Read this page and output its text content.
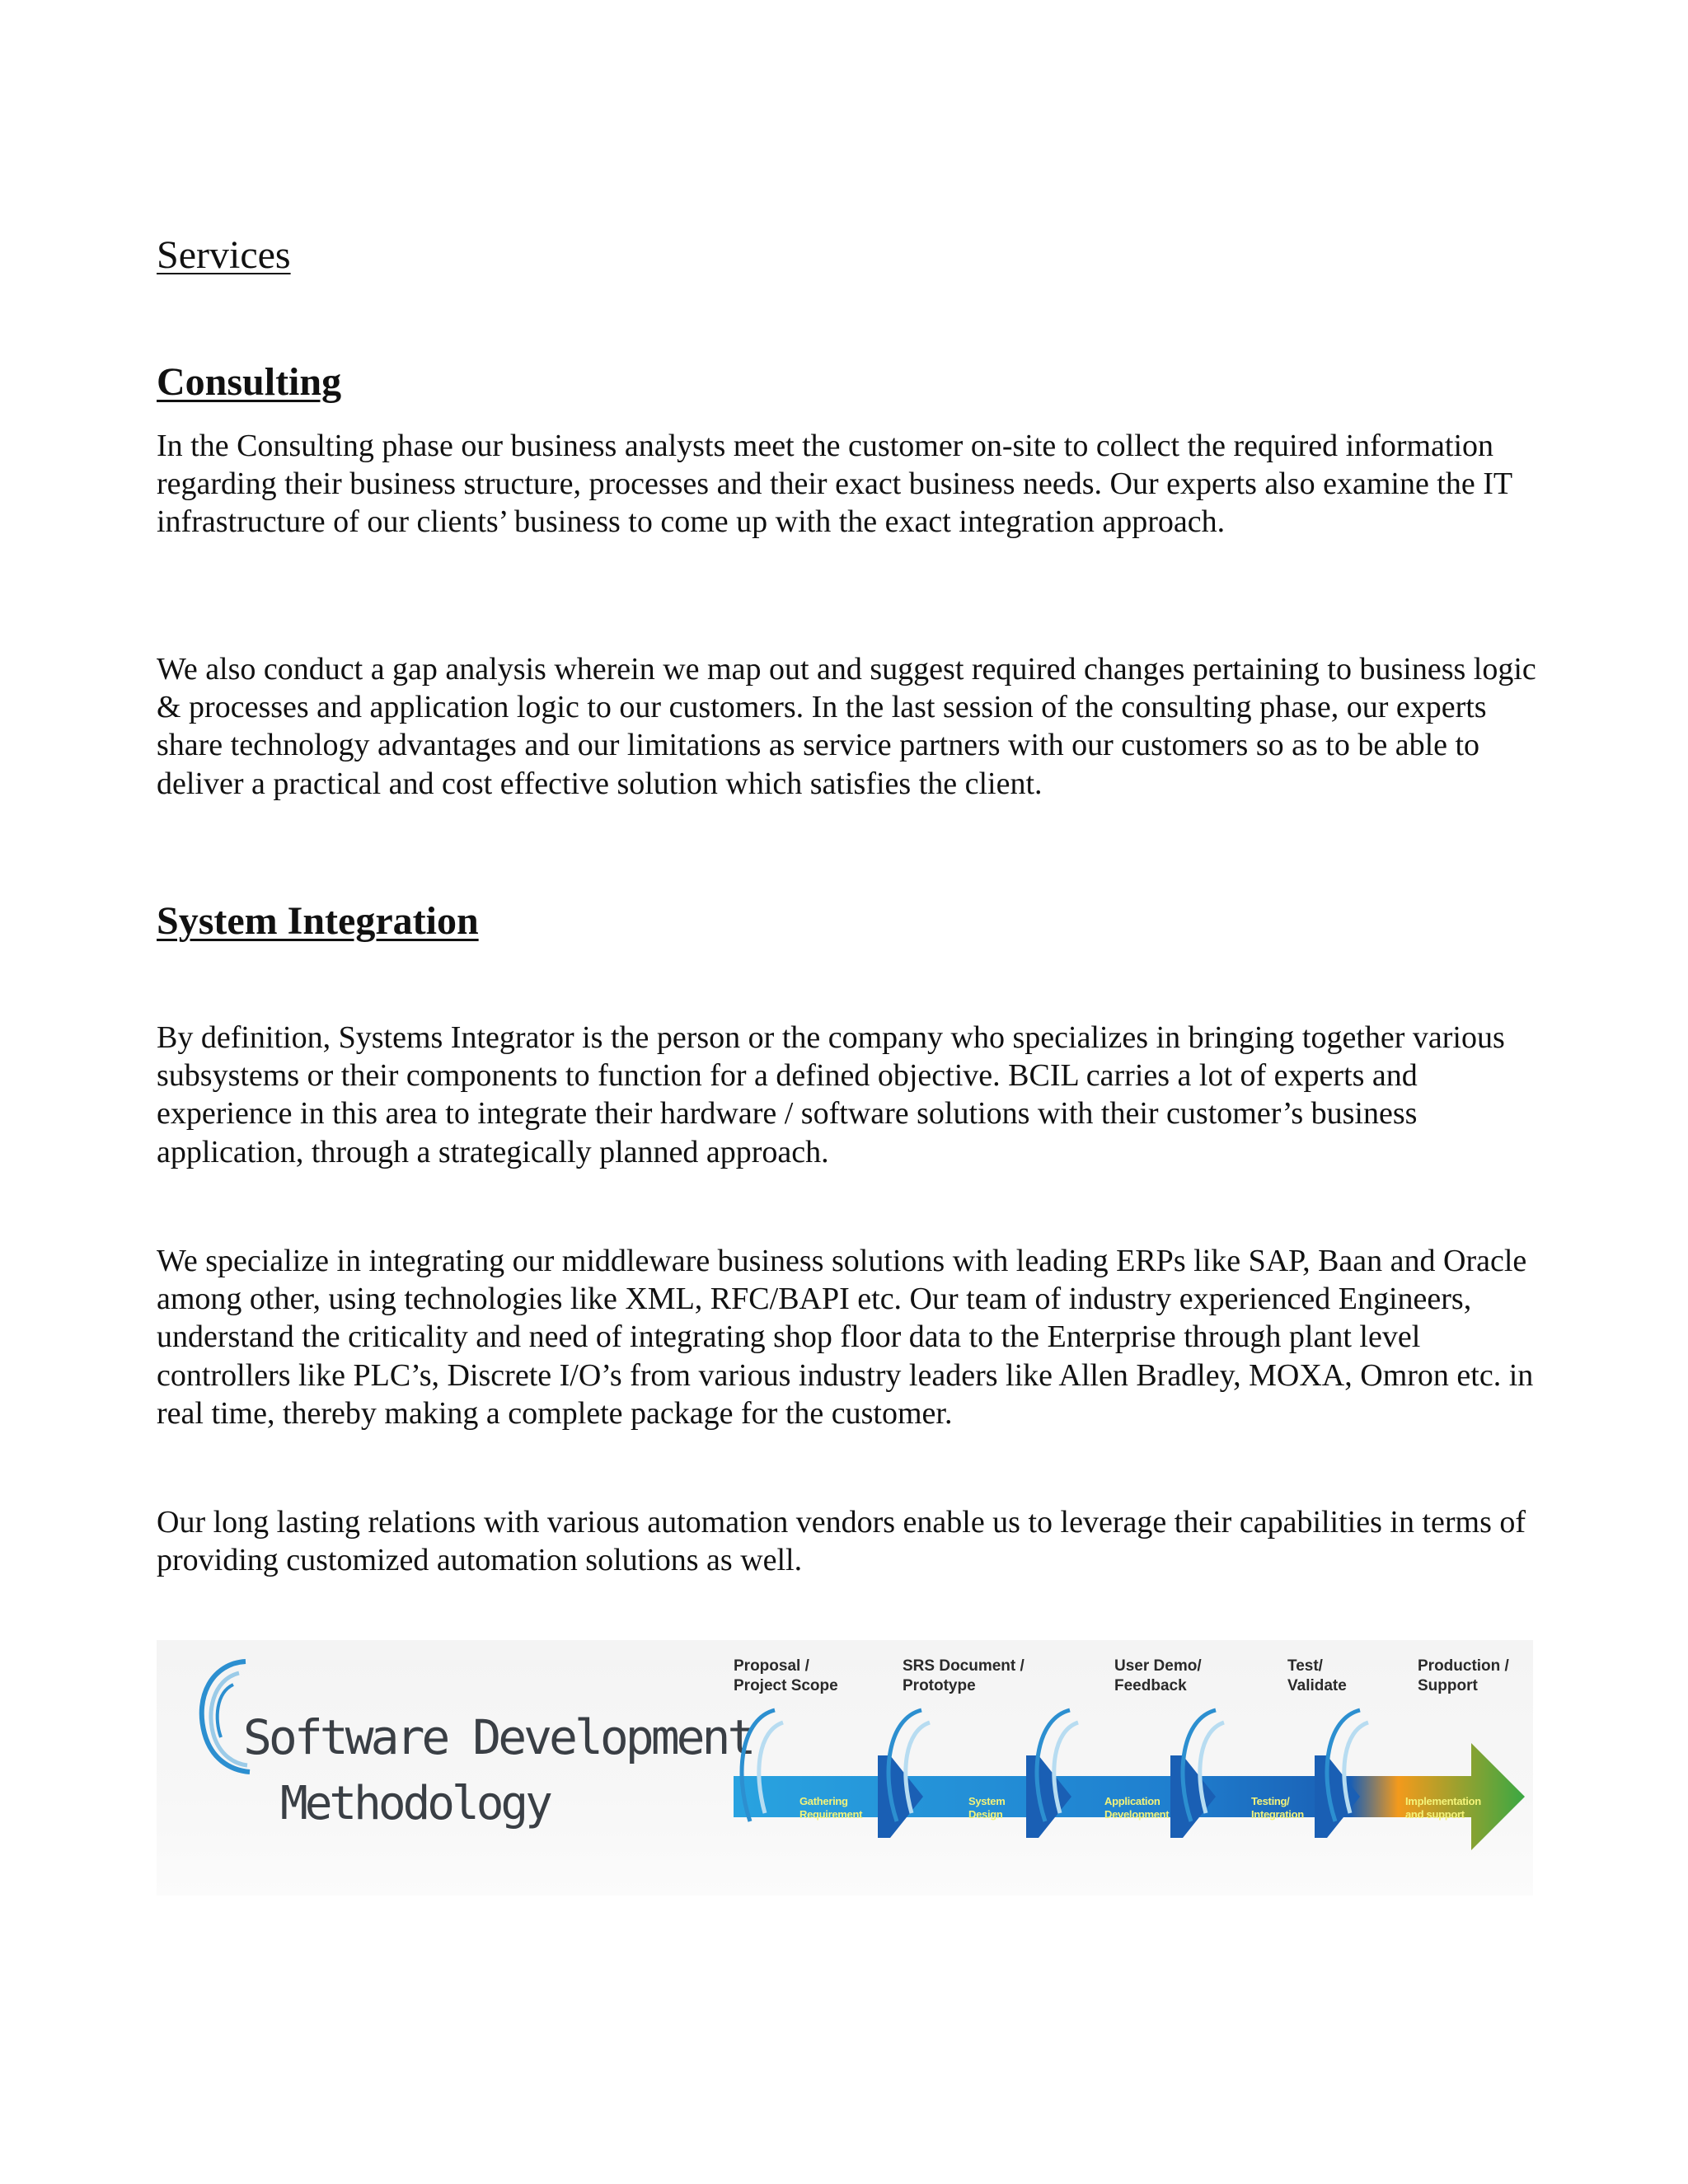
Services
Consulting

In the Consulting phase our business analysts meet the customer on-site to collect the required information regarding their business structure, processes and their exact business needs. Our experts also examine the IT infrastructure of our clients’ business to come up with the exact integration approach.

We also conduct a gap analysis wherein we map out and suggest required changes pertaining to business logic & processes and application logic to our customers. In the last session of the consulting phase, our experts share technology advantages and our limitations as service partners with our customers so as to be able to deliver a practical and cost effective solution which satisfies the client.

System Integration

By definition, Systems Integrator is the person or the company who specializes in bringing together various subsystems or their components to function for a defined objective. BCIL carries a lot of experts and experience in this area to integrate their hardware / software solutions with their customer’s business application, through a strategically planned approach.

We specialize in integrating our middleware business solutions with leading ERPs like SAP, Baan and Oracle among other, using technologies like XML, RFC/BAPI etc. Our team of industry experienced Engineers, understand the criticality and need of integrating shop floor data to the Enterprise through plant level controllers like PLC’s, Discrete I/O’s from various industry leaders like Allen Bradley, MOXA, Omron etc. in real time, thereby making a complete package for the customer.

Our long lasting relations with various automation vendors enable us to leverage their capabilities in terms of providing customized automation solutions as well.

Software Development
Methodology
Proposal /
Project Scope
SRS Document /
Prototype
User Demo/
Feedback
Test/
Validate
Production /
Support
Gathering
Requirement
System
Design
Application
Development
Testing/
Integration
Implementation
and support
